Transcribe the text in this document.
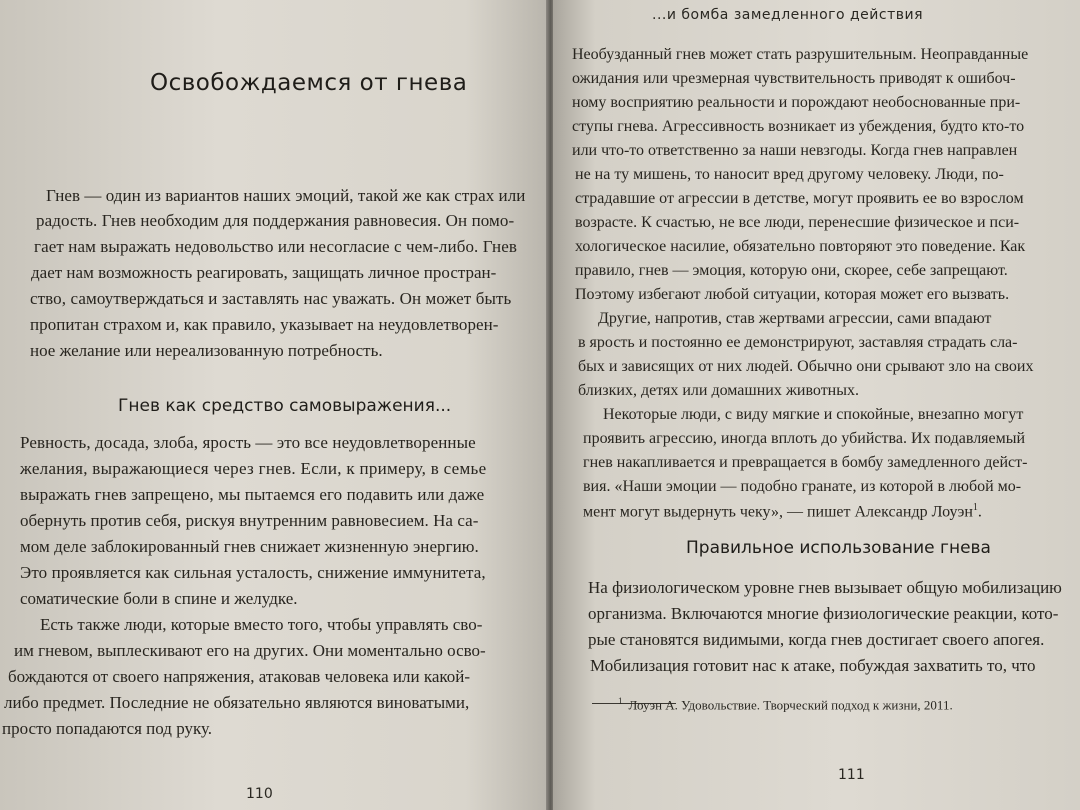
Освобождаемся от гнева
Гнев — один из вариантов наших эмоций, такой же как страх или
радость. Гнев необходим для поддержания равновесия. Он помо-
гает нам выражать недовольство или несогласие с чем-либо. Гнев
дает нам возможность реагировать, защищать личное простран-
ство, самоутверждаться и заставлять нас уважать. Он может быть
пропитан страхом и, как правило, указывает на неудовлетворен-
ное желание или нереализованную потребность.
Гнев как средство самовыражения...
Ревность, досада, злоба, ярость — это все неудовлетворенные
желания, выражающиеся через гнев. Если, к примеру, в семье
выражать гнев запрещено, мы пытаемся его подавить или даже
обернуть против себя, рискуя внутренним равновесием. На са-
мом деле заблокированный гнев снижает жизненную энергию.
Это проявляется как сильная усталость, снижение иммунитета,
соматические боли в спине и желудке.
Есть также люди, которые вместо того, чтобы управлять сво-
им гневом, выплескивают его на других. Они моментально осво-
бождаются от своего напряжения, атаковав человека или какой-
либо предмет. Последние не обязательно являются виноватыми,
просто попадаются под руку.
110
...и бомба замедленного действия
Необузданный гнев может стать разрушительным. Неоправданные
ожидания или чрезмерная чувствительность приводят к ошибоч-
ному восприятию реальности и порождают необоснованные при-
ступы гнева. Агрессивность возникает из убеждения, будто кто-то
или что-то ответственно за наши невзгоды. Когда гнев направлен
не на ту мишень, то наносит вред другому человеку. Люди, по-
страдавшие от агрессии в детстве, могут проявить ее во взрослом
возрасте. К счастью, не все люди, перенесшие физическое и пси-
хологическое насилие, обязательно повторяют это поведение. Как
правило, гнев — эмоция, которую они, скорее, себе запрещают.
Поэтому избегают любой ситуации, которая может его вызвать.
Другие, напротив, став жертвами агрессии, сами впадают
в ярость и постоянно ее демонстрируют, заставляя страдать сла-
бых и зависящих от них людей. Обычно они срывают зло на своих
близких, детях или домашних животных.
Некоторые люди, с виду мягкие и спокойные, внезапно могут
проявить агрессию, иногда вплоть до убийства. Их подавляемый
гнев накапливается и превращается в бомбу замедленного дейст-
вия. «Наши эмоции — подобно гранате, из которой в любой мо-
мент могут выдернуть чеку», — пишет Александр Лоуэн$^1$.
Правильное использование гнева
На физиологическом уровне гнев вызывает общую мобилизацию
организма. Включаются многие физиологические реакции, кото-
рые становятся видимыми, когда гнев достигает своего апогея.
Мобилизация готовит нас к атаке, побуждая захватить то, что
$^1$ Лоуэн А. Удовольствие. Творческий подход к жизни, 2011.
111
